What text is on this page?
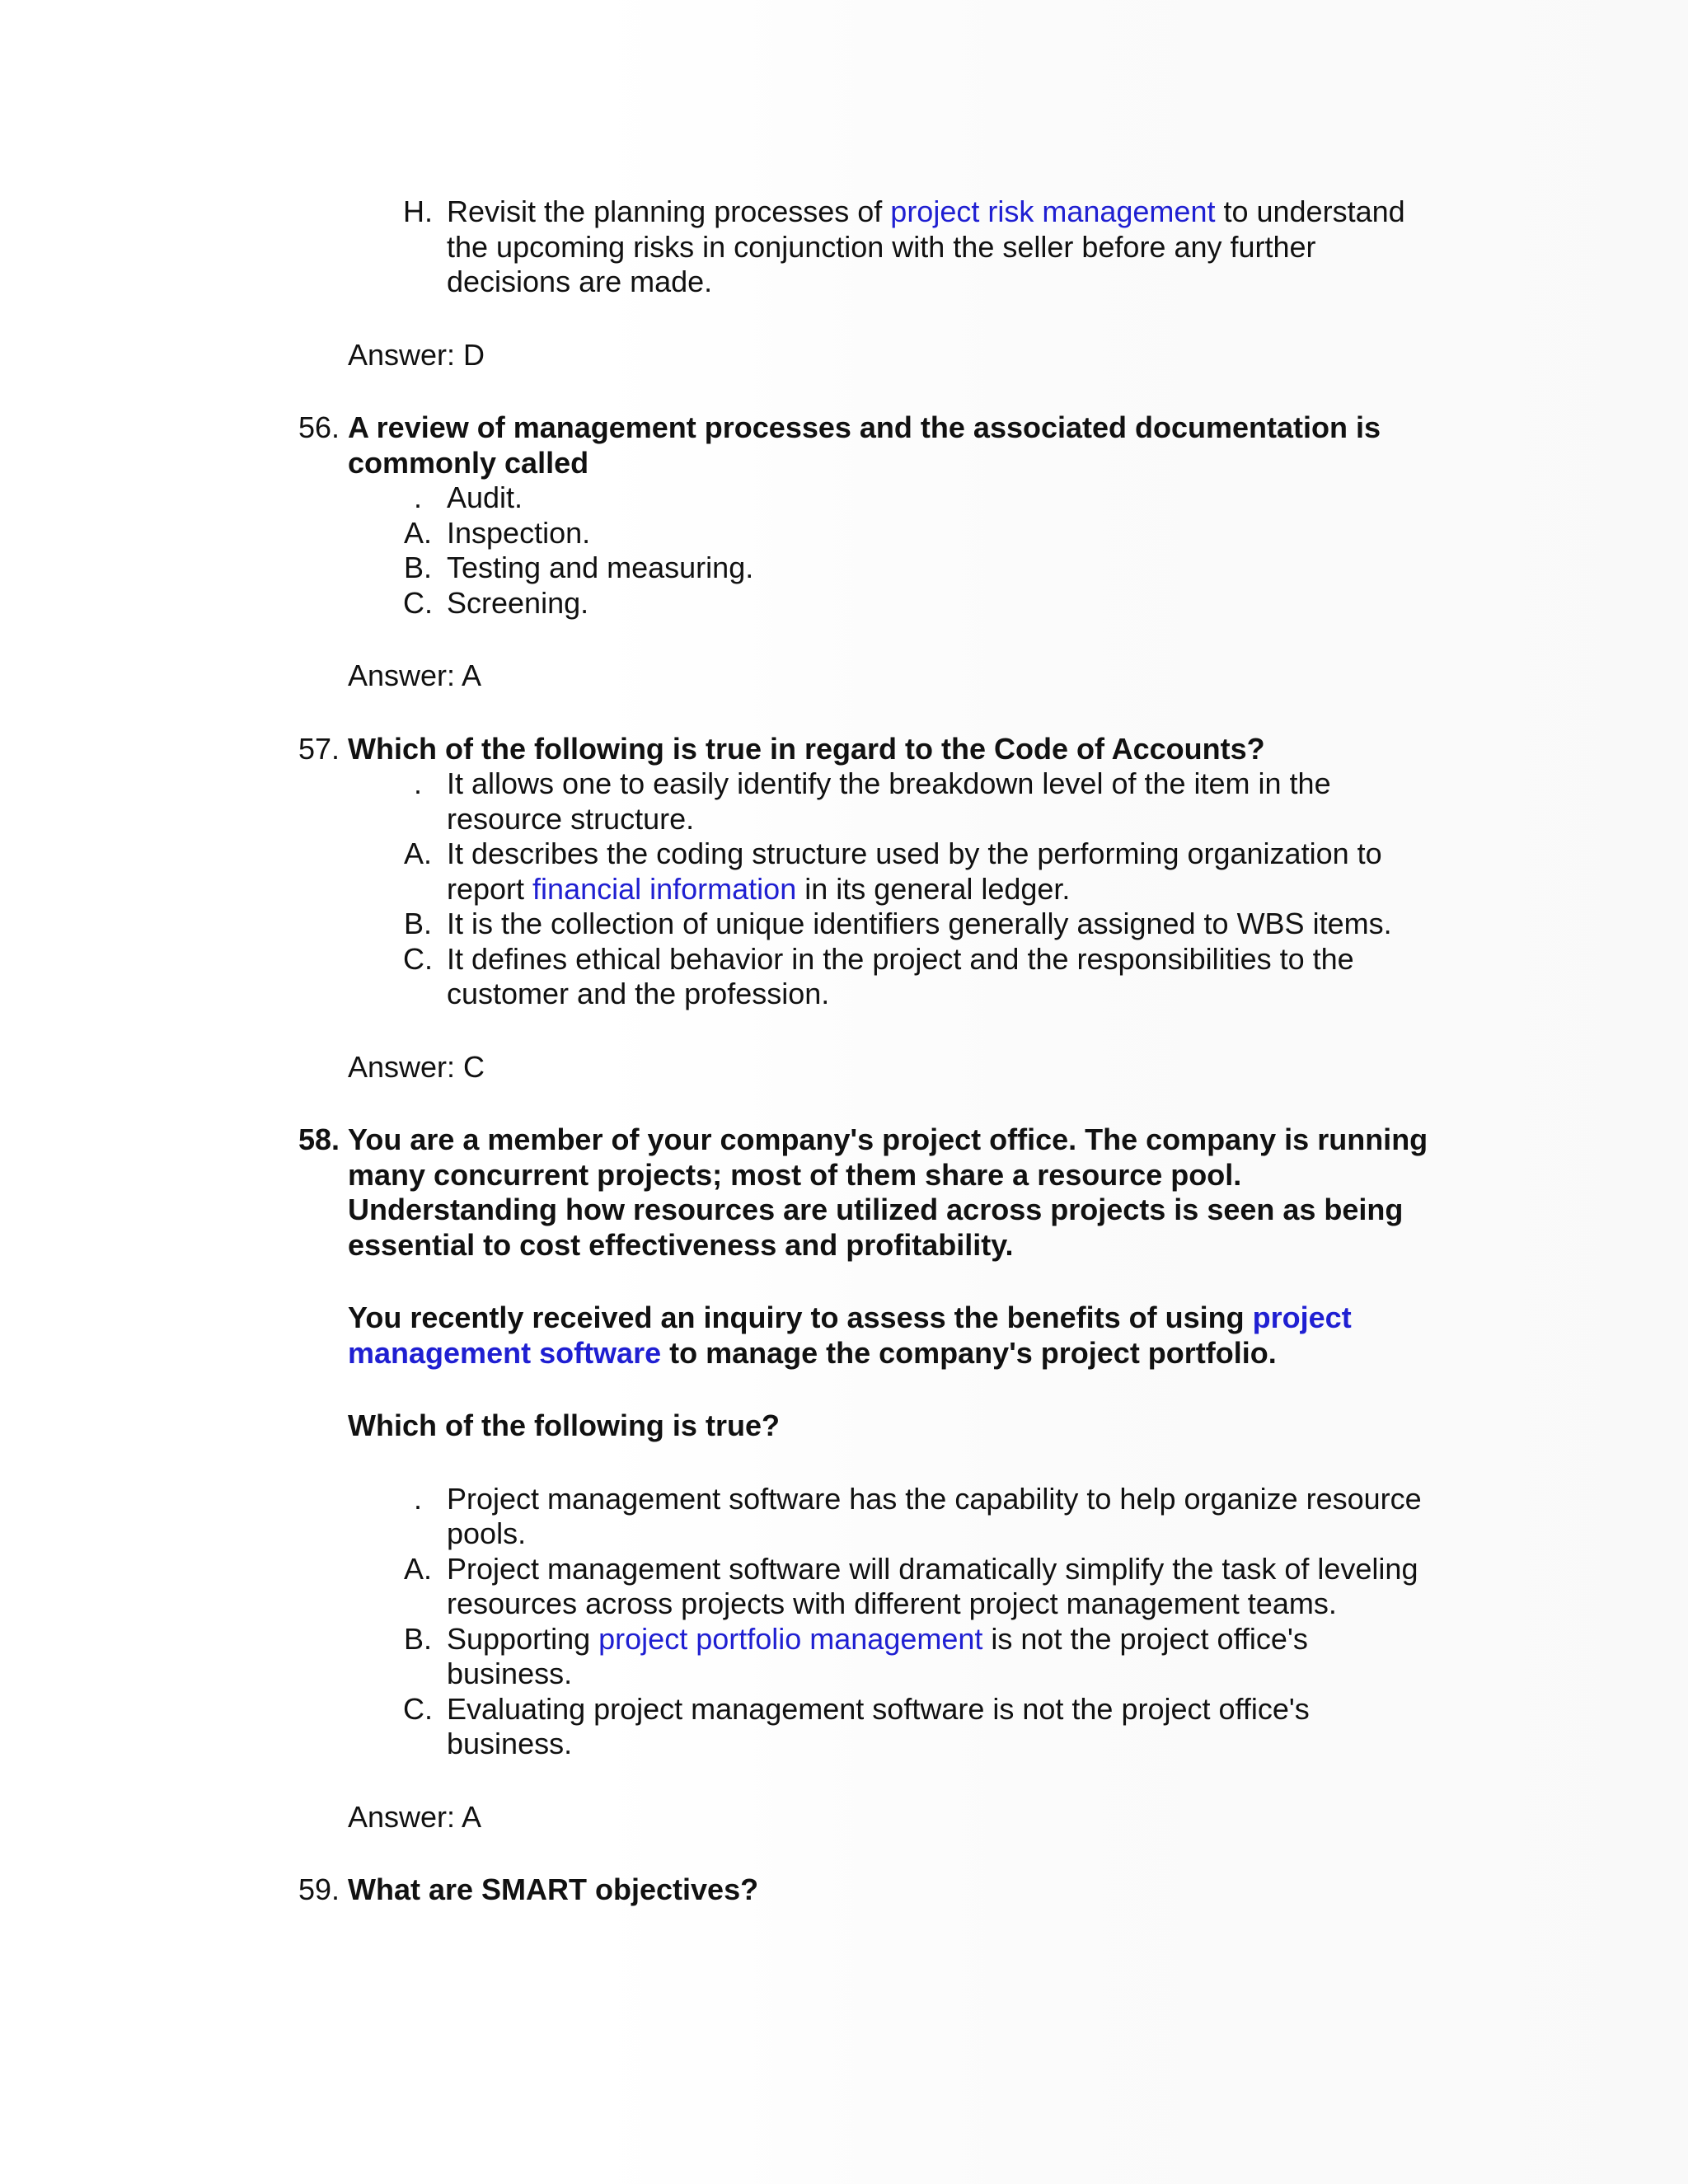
H. Revisit the planning processes of project risk management to understand the upcoming risks in conjunction with the seller before any further decisions are made.
Answer: D
56. A review of management processes and the associated documentation is commonly called
. Audit.
A. Inspection.
B. Testing and measuring.
C. Screening.
Answer: A
57. Which of the following is true in regard to the Code of Accounts?
. It allows one to easily identify the breakdown level of the item in the resource structure.
A. It describes the coding structure used by the performing organization to report financial information in its general ledger.
B. It is the collection of unique identifiers generally assigned to WBS items.
C. It defines ethical behavior in the project and the responsibilities to the customer and the profession.
Answer: C
58. You are a member of your company's project office. The company is running many concurrent projects; most of them share a resource pool. Understanding how resources are utilized across projects is seen as being essential to cost effectiveness and profitability.
You recently received an inquiry to assess the benefits of using project management software to manage the company's project portfolio.
Which of the following is true?
. Project management software has the capability to help organize resource pools.
A. Project management software will dramatically simplify the task of leveling resources across projects with different project management teams.
B. Supporting project portfolio management is not the project office's business.
C. Evaluating project management software is not the project office's business.
Answer: A
59. What are SMART objectives?
